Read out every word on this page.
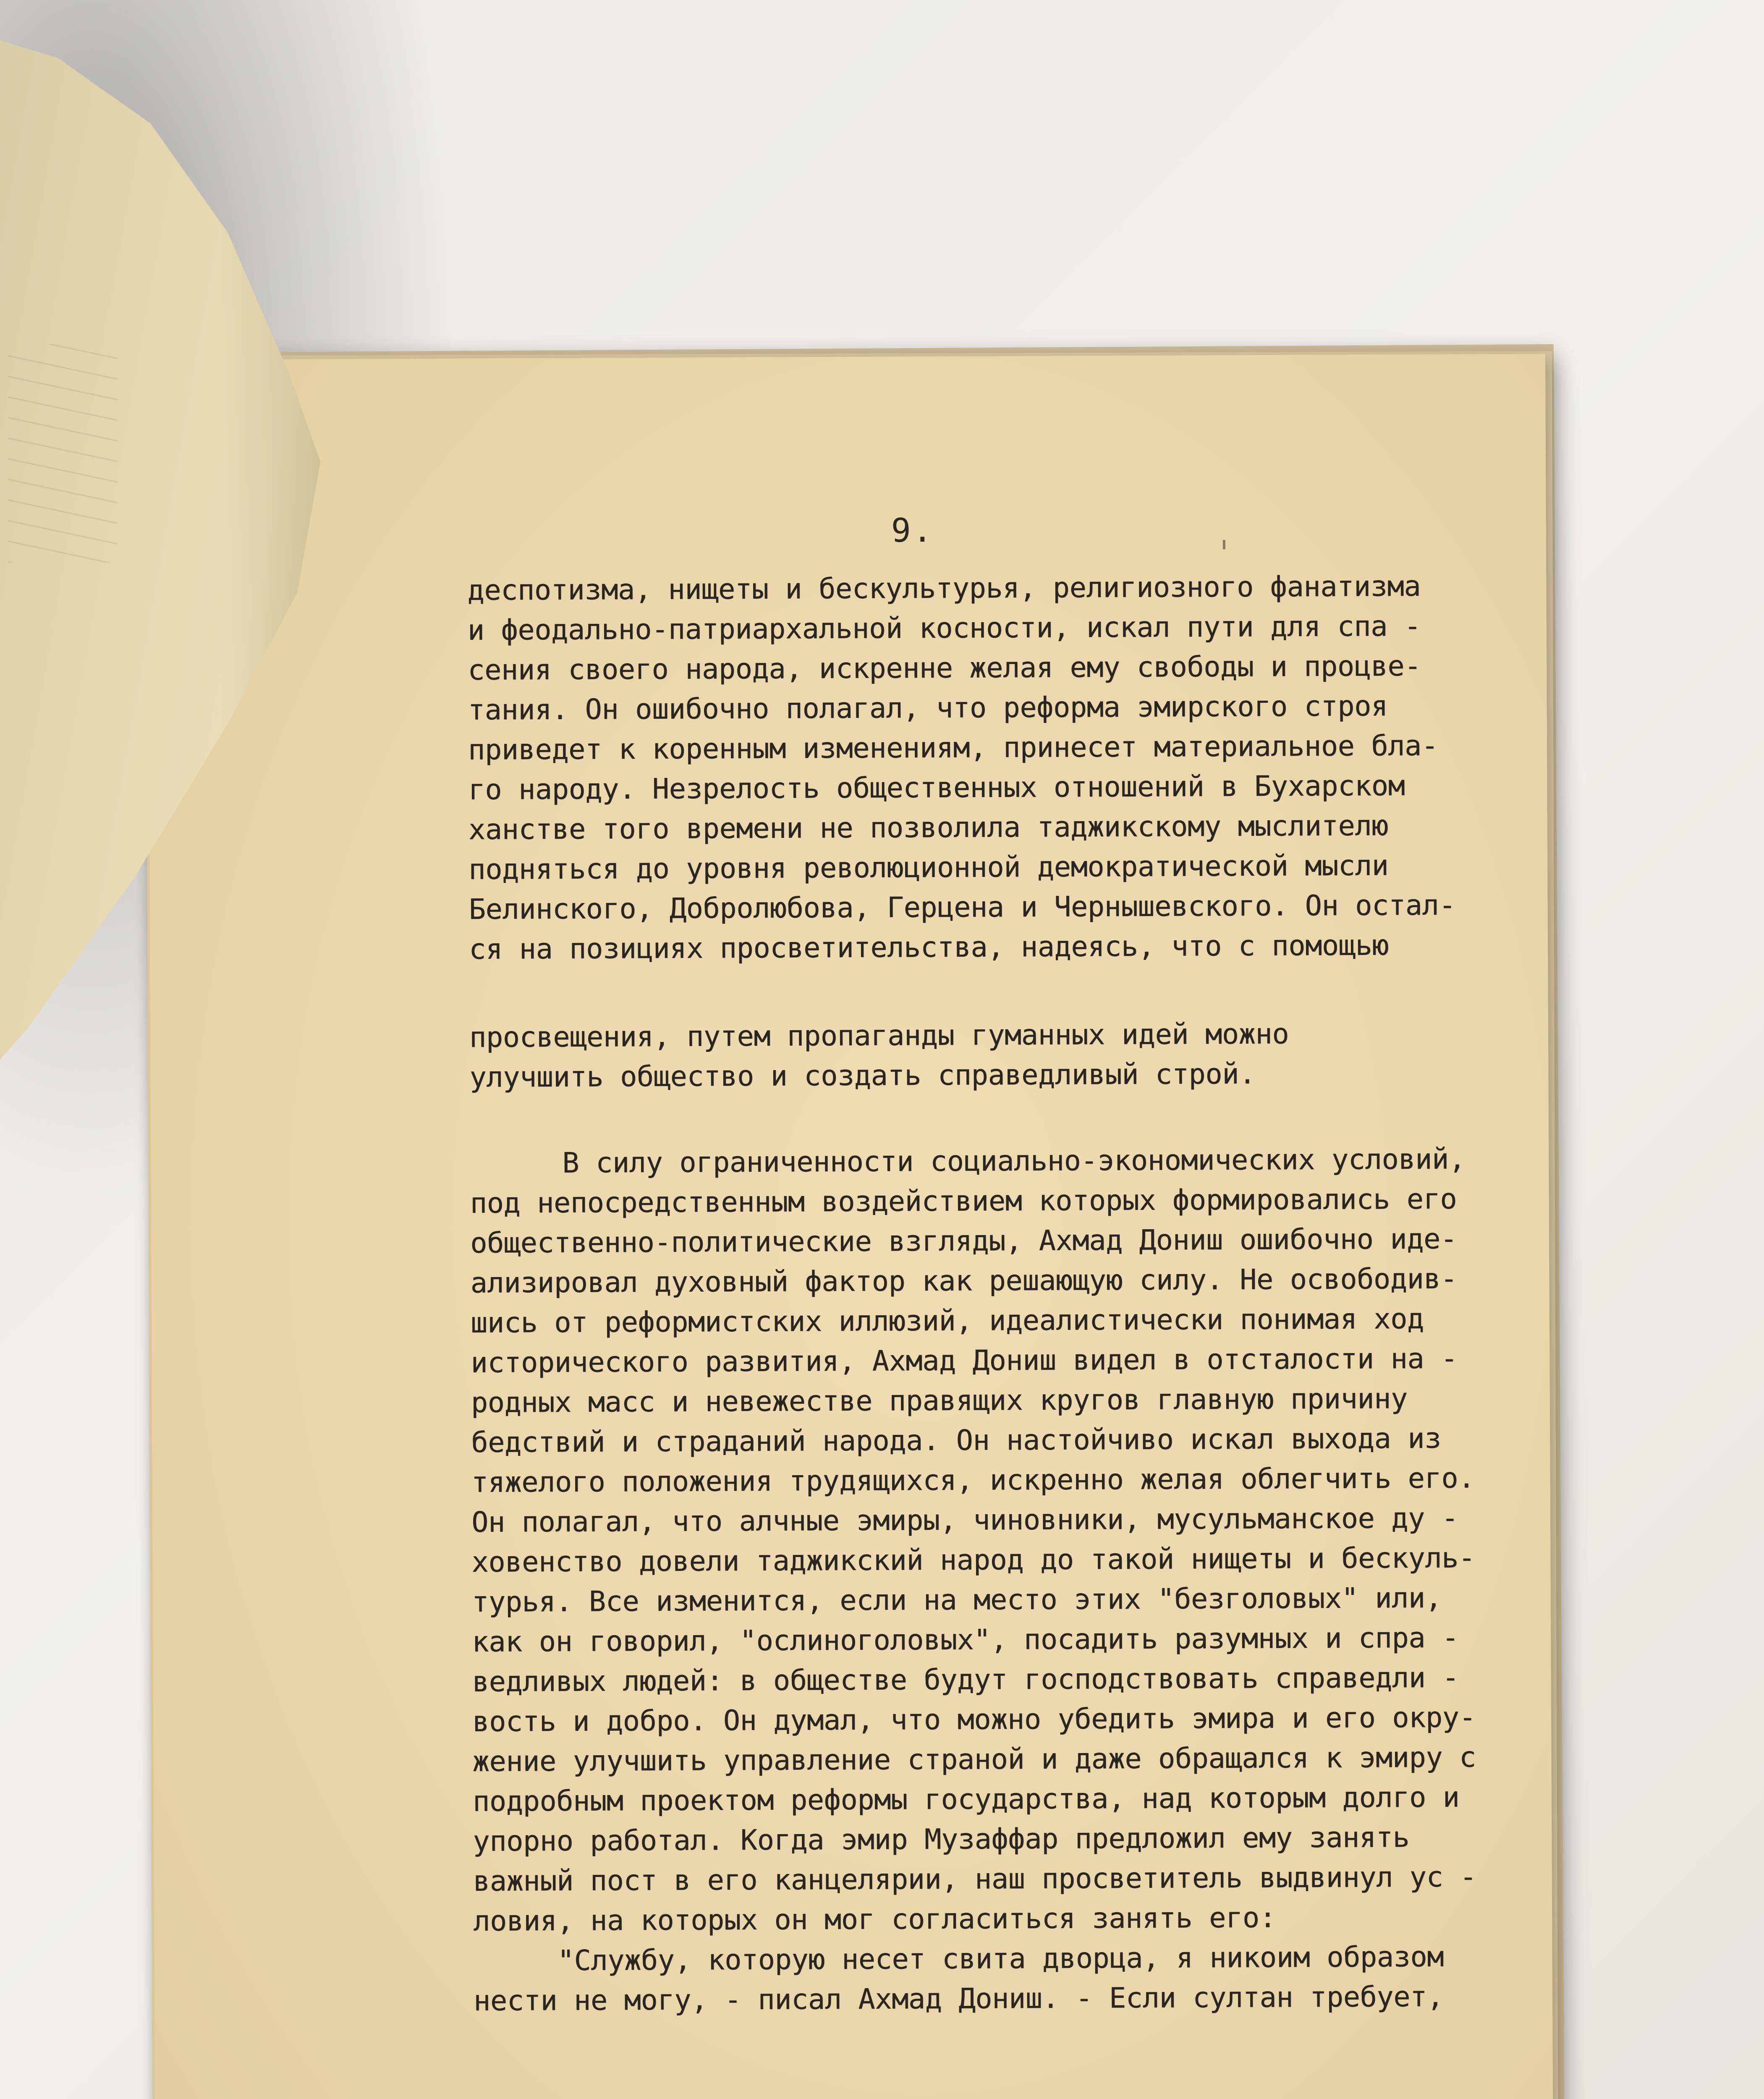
9.
деспотизма, нищеты и бескультурья, религиозного фанатизма
и феодально-патриархальной косности, искал пути для спа -
сения своего народа, искренне желая ему свободы и процве-
тания. Он ошибочно полагал, что реформа эмирского строя
приведет к коренным изменениям, принесет материальное бла-
го народу. Незрелость общественных отношений в Бухарском
ханстве того времени не позволила таджикскому мыслителю
подняться до уровня революционной демократической мысли
Белинского, Добролюбова, Герцена и Чернышевского. Он остал-
ся на позициях просветительства, надеясь, что с помощью
просвещения, путем пропаганды гуманных идей можно
улучшить общество и создать справедливый строй.
В силу ограниченности социально-экономических условий,
под непосредственным воздействием которых формировались его
общественно-политические взгляды, Ахмад Дониш ошибочно иде-
ализировал духовный фактор как решающую силу. Не освободив-
шись от реформистских иллюзий, идеалистически понимая ход
исторического развития, Ахмад Дониш видел в отсталости на -
родных масс и невежестве правящих кругов главную причину
бедствий и страданий народа. Он настойчиво искал выхода из
тяжелого положения трудящихся, искренно желая облегчить его.
Он полагал, что алчные эмиры, чиновники, мусульманское ду -
ховенство довели таджикский народ до такой нищеты и бескуль-
турья. Все изменится, если на место этих "безголовых" или,
как он говорил, "ослиноголовых", посадить разумных и спра -
ведливых людей: в обществе будут господствовать справедли -
вость и добро. Он думал, что можно убедить эмира и его окру-
жение улучшить управление страной и даже обращался к эмиру с
подробным проектом реформы государства, над которым долго и
упорно работал. Когда эмир Музаффар предложил ему занять
важный пост в его канцелярии, наш просветитель выдвинул ус -
ловия, на которых он мог согласиться занять его:
"Службу, которую несет свита дворца, я никоим образом
нести не могу, - писал Ахмад Дониш. - Если султан требует,
